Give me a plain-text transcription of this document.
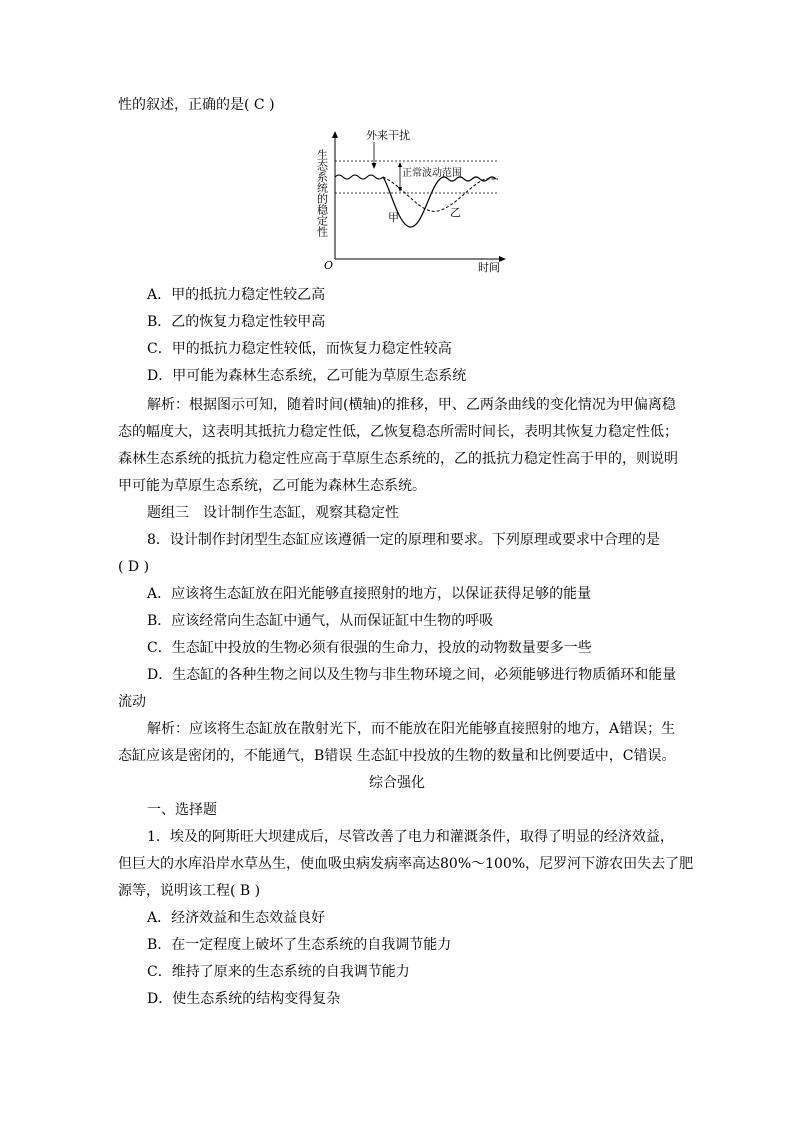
性的叙述，正确的是( C )
生态系统的稳定性
O	时间
外来干扰
正常波动范围
甲	乙
A．甲的抵抗力稳定性较乙高
B．乙的恢复力稳定性较甲高
C．甲的抵抗力稳定性较低，而恢复力稳定性较高
D．甲可能为森林生态系统，乙可能为草原生态系统
解析：根据图示可知，随着时间(横轴)的推移，甲、乙两条曲线的变化情况为甲偏离稳
态的幅度大，这表明其抵抗力稳定性低，乙恢复稳态所需时间长，表明其恢复力稳定性低；
森林生态系统的抵抗力稳定性应高于草原生态系统的，乙的抵抗力稳定性高于甲的，则说明
甲可能为草原生态系统，乙可能为森林生态系统。
题组三　设计制作生态缸，观察其稳定性
8．设计制作封闭型生态缸应该遵循一定的原理和要求。下列原理或要求中合理的是
( D )
A．应该将生态缸放在阳光能够直接照射的地方，以保证获得足够的能量
B．应该经常向生态缸中通气，从而保证缸中生物的呼吸
C．生态缸中投放的生物必须有很强的生命力，投放的动物数量要多一些
D．生态缸的各种生物之间以及生物与非生物环境之间，必须能够进行物质循环和能量
流动
解析：应该将生态缸放在散射光下，而不能放在阳光能够直接照射的地方，A错误；生
态缸应该是密闭的，不能通气，B错误 生态缸中投放的生物的数量和比例要适中，C错误。
综合强化
一、选择题
1．埃及的阿斯旺大坝建成后，尽管改善了电力和灌溉条件，取得了明显的经济效益，
但巨大的水库沿岸水草丛生，使血吸虫病发病率高达80%～100%，尼罗河下游农田失去了肥
源等，说明该工程( B )
A．经济效益和生态效益良好
B．在一定程度上破坏了生态系统的自我调节能力
C．维持了原来的生态系统的自我调节能力
D．使生态系统的结构变得复杂
